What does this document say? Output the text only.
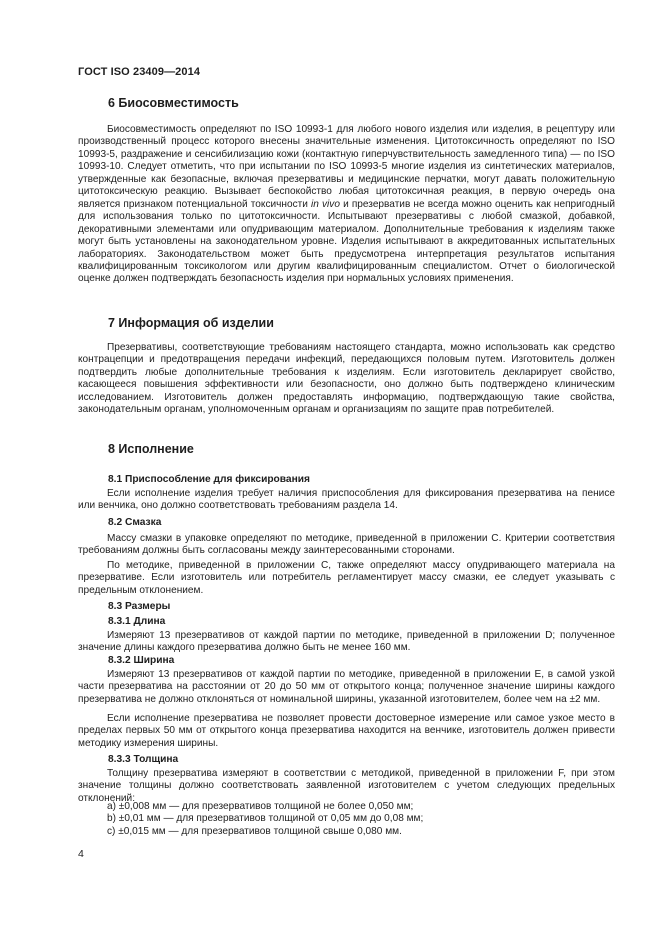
ГОСТ ISO 23409—2014
6 Биосовместимость
Биосовместимость определяют по ISO 10993-1 для любого нового изделия или изделия, в рецептуру или производственный процесс которого внесены значительные изменения. Цитотоксичность определяют по ISO 10993-5, раздражение и сенсибилизацию кожи (контактную гиперчувствительность замедленного типа) — по ISO 10993-10. Следует отметить, что при испытании по ISO 10993-5 многие изделия из синтетических материалов, утвержденные как безопасные, включая презервативы и медицинские перчатки, могут давать положительную цитотоксическую реакцию. Вызывает беспокойство любая цитотоксичная реакция, в первую очередь она является признаком потенциальной токсичности in vivo и презерватив не всегда можно оценить как непригодный для использования только по цитотоксичности. Испытывают презервативы с любой смазкой, добавкой, декоративными элементами или опудривающим материалом. Дополнительные требования к изделиям также могут быть установлены на законодательном уровне. Изделия испытывают в аккредитованных испытательных лабораториях. Законодательством может быть предусмотрена интерпретация результатов испытания квалифицированным токсикологом или другим квалифицированным специалистом. Отчет о биологической оценке должен подтверждать безопасность изделия при нормальных условиях применения.
7 Информация об изделии
Презервативы, соответствующие требованиям настоящего стандарта, можно использовать как средство контрацепции и предотвращения передачи инфекций, передающихся половым путем. Изготовитель должен подтвердить любые дополнительные требования к изделиям. Если изготовитель декларирует свойство, касающееся повышения эффективности или безопасности, оно должно быть подтверждено клиническим исследованием. Изготовитель должен предоставлять информацию, подтверждающую такие свойства, законодательным органам, уполномоченным органам и организациям по защите прав потребителей.
8 Исполнение
8.1 Приспособление для фиксирования
Если исполнение изделия требует наличия приспособления для фиксирования презерватива на пенисе или венчика, оно должно соответствовать требованиям раздела 14.
8.2 Смазка
Массу смазки в упаковке определяют по методике, приведенной в приложении С. Критерии соответствия требованиям должны быть согласованы между заинтересованными сторонами.
По методике, приведенной в приложении С, также определяют массу опудривающего материала на презервативе. Если изготовитель или потребитель регламентирует массу смазки, ее следует указывать с предельным отклонением.
8.3 Размеры
8.3.1 Длина
Измеряют 13 презервативов от каждой партии по методике, приведенной в приложении D; полученное значение длины каждого презерватива должно быть не менее 160 мм.
8.3.2 Ширина
Измеряют 13 презервативов от каждой партии по методике, приведенной в приложении Е, в самой узкой части презерватива на расстоянии от 20 до 50 мм от открытого конца; полученное значение ширины каждого презерватива не должно отклоняться от номинальной ширины, указанной изготовителем, более чем на ±2 мм.
Если исполнение презерватива не позволяет провести достоверное измерение или самое узкое место в пределах первых 50 мм от открытого конца презерватива находится на венчике, изготовитель должен привести методику измерения ширины.
8.3.3 Толщина
Толщину презерватива измеряют в соответствии с методикой, приведенной в приложении F, при этом значение толщины должно соответствовать заявленной изготовителем с учетом следующих предельных отклонений:
a) ±0,008 мм — для презервативов толщиной не более 0,050 мм;
b) ±0,01 мм — для презервативов толщиной от 0,05 мм до 0,08 мм;
c) ±0,015 мм — для презервативов толщиной свыше 0,080 мм.
4
